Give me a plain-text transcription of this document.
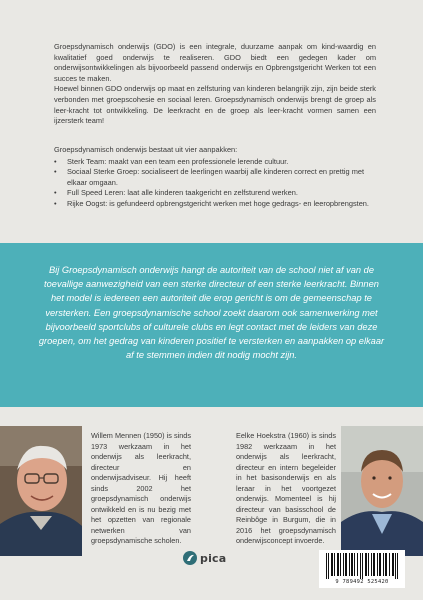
Groepsdynamisch onderwijs (GDO) is een integrale, duurzame aanpak om kind-waardig en kwalitatief goed onderwijs te realiseren. GDO biedt een gedegen kader om onderwijsontwikkelingen als bijvoorbeeld passend onderwijs en Opbrengstgericht Werken tot een succes te maken.

Hoewel binnen GDO onderwijs op maat en zelfsturing van kinderen belangrijk zijn, zijn beide sterk verbonden met groepscohesie en sociaal leren. Groepsdynamisch onderwijs brengt de groep als leer-kracht tot ontwikkeling. De leerkracht en de groep als leer-kracht vormen samen een ijzersterk team!

Groepsdynamisch onderwijs bestaat uit vier aanpakken:

• Sterk Team: maakt van een team een professionele lerende cultuur.
• Sociaal Sterke Groep: socialiseert de leerlingen waarbij alle kinderen correct en prettig met elkaar omgaan.
• Full Speed Leren: laat alle kinderen taakgericht en zelfsturend werken.
• Rijke Oogst: is gefundeerd opbrengstgericht werken met hoge gedrags- en leeropbrengsten.
Bij Groepsdynamisch onderwijs hangt de autoriteit van de school niet af van de toevallige aanwezigheid van een sterke directeur of een sterke leerkracht. Binnen het model is iedereen een autoriteit die erop gericht is om de gemeenschap te versterken. Een groepsdynamische school zoekt daarom ook samenwerking met bijvoorbeeld sportclubs of culturele clubs en legt contact met de leiders van deze groepen, om het gedrag van kinderen positief te versterken en aanpakken op elkaar af te stemmen indien dit nodig mocht zijn.
Willem Mennen (1950) is sinds 1973 werkzaam in het onderwijs als leerkracht, directeur en onderwijsadviseur. Hij heeft sinds 2002 het groepsdynamisch onderwijs ontwikkeld en is nu bezig met het opzetten van regionale netwerken van groepsdynamische scholen.
Eelke Hoekstra (1960) is sinds 1982 werkzaam in het onderwijs als leerkracht, directeur en intern begeleider in het basisonderwijs en als leraar in het voortgezet onderwijs. Momenteel is hij directeur van basisschool de Reinbôge in Burgum, die in 2016 het groepsdynamisch onderwijsconcept invoerde.
pica
9 789492 525420
